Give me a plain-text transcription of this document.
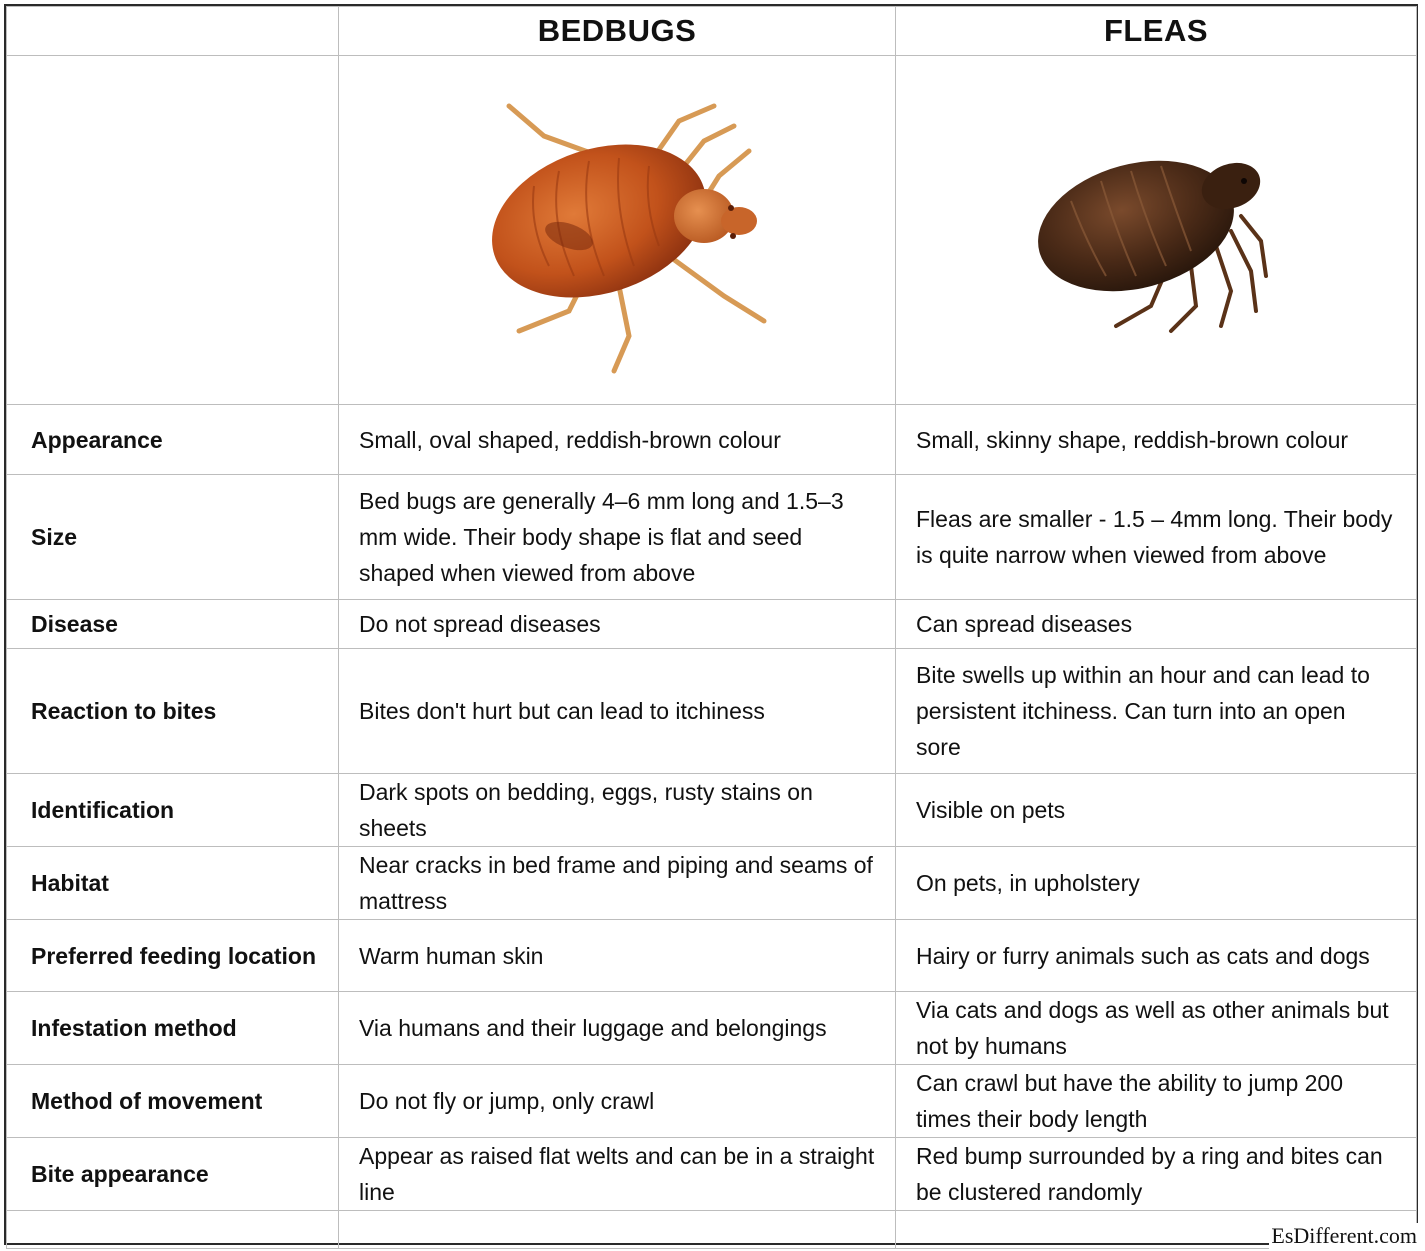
	BEDBUGS	FLEAS

Appearance	Small, oval shaped, reddish-brown colour	Small, skinny shape, reddish-brown colour
Size	Bed bugs are generally 4–6 mm long and 1.5–3 mm wide. Their body shape is flat and seed shaped when viewed from above	Fleas are smaller - 1.5 – 4mm long. Their body is quite narrow when viewed from above
Disease	Do not spread diseases	Can spread diseases
Reaction to bites	Bites don't hurt but can lead to itchiness	Bite swells up within an hour and can lead to persistent itchiness. Can turn into an open sore
Identification	Dark spots on bedding, eggs, rusty stains on sheets	Visible on pets
Habitat	Near cracks in bed frame and piping and seams of mattress	On pets, in upholstery
Preferred feeding location	Warm human skin	Hairy or furry animals such as cats and dogs
Infestation method	Via humans and their luggage and belongings	Via cats and dogs as well as other animals but not by humans
Method of movement	Do not fly or jump, only crawl	Can crawl but have the ability to jump 200 times their body length
Bite appearance	Appear as raised flat welts and can be in a straight line	Red bump surrounded by a ring and bites can be clustered randomly

EsDifferent.com
